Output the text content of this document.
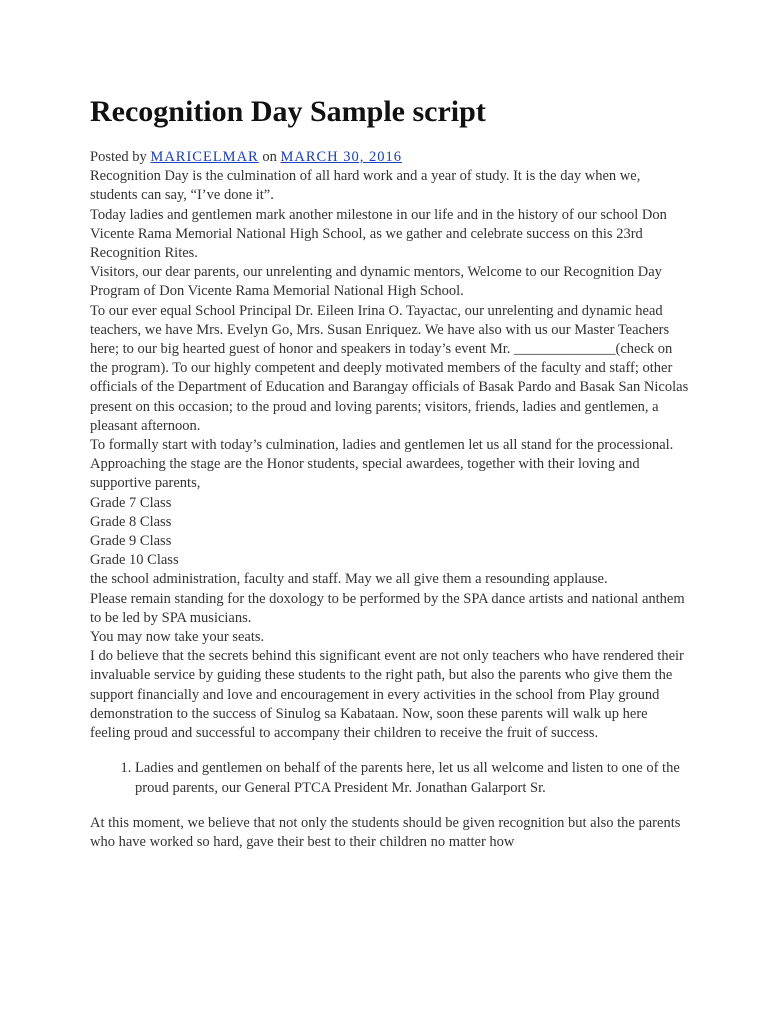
Recognition Day Sample script
Posted by MARICELMAR on MARCH 30, 2016

Recognition Day is the culmination of all hard work and a year of study. It is the day when we, students can say, “I’ve done it”.

Today ladies and gentlemen mark another milestone in our life and in the history of our school Don Vicente Rama Memorial National High School, as we gather and celebrate success on this 23rd Recognition Rites.

Visitors, our dear parents, our unrelenting and dynamic mentors, Welcome to our Recognition Day Program of Don Vicente Rama Memorial National High School.

To our ever equal School Principal Dr. Eileen Irina O. Tayactac, our unrelenting and dynamic head teachers, we have Mrs. Evelyn Go, Mrs. Susan Enriquez. We have also with us our Master Teachers here; to our big hearted guest of honor and speakers in today’s event Mr. ______________(check on the program). To our highly competent and deeply motivated members of the faculty and staff; other officials of the Department of Education and Barangay officials of Basak Pardo and Basak San Nicolas present on this occasion; to the proud and loving parents; visitors, friends, ladies and gentlemen, a pleasant afternoon.

To formally start with today’s culmination, ladies and gentlemen let us all stand for the processional. Approaching the stage are the Honor students, special awardees, together with their loving and supportive parents,

Grade 7 Class

Grade 8 Class

Grade 9 Class

Grade 10 Class

the school administration, faculty and staff. May we all give them a resounding applause.

Please remain standing for the doxology to be performed by the SPA dance artists and national anthem to be led by SPA musicians.

You may now take your seats.

I do believe that the secrets behind this significant event are not only teachers who have rendered their invaluable service by guiding these students to the right path, but also the parents who give them the support financially and love and encouragement in every activities in the school from Play ground demonstration to the success of Sinulog sa Kabataan. Now, soon these parents will walk up here feeling proud and successful to accompany their children to receive the fruit of success.

1. Ladies and gentlemen on behalf of the parents here, let us all welcome and listen to one of the proud parents, our General PTCA President Mr. Jonathan Galarport Sr.

At this moment, we believe that not only the students should be given recognition but also the parents who have worked so hard, gave their best to their children no matter how
